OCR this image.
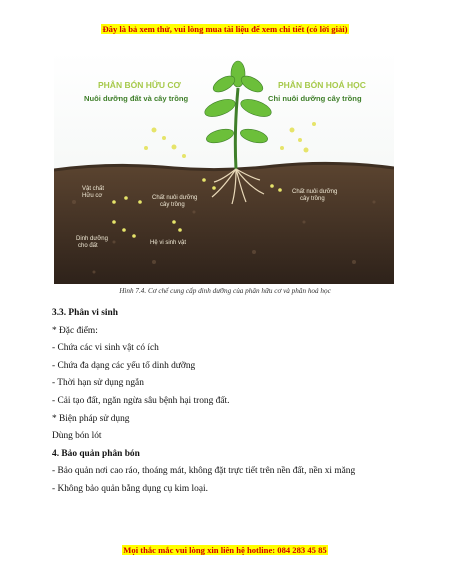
Đây là bả xem thử, vui lòng mua tài liệu để xem chi tiết (có lời giải)
PHÂN BÓN HỮU CƠ
Nuôi dưỡng đất và cây trồng
PHÂN BÓN HOÁ HỌC
Chỉ nuôi dưỡng cây trồng
Vật chất
Hữu cơ	Chất nuôi dưỡng
cây trồng
Chất nuôi dưỡng
cây trồng
Dinh dưỡng
cho đất	Hệ vi sinh vật
Hình 7.4. Cơ chế cung cấp dinh dưỡng của phân hữu cơ và phân hoá học

3.3. Phân vi sinh

* Đặc điểm:

- Chứa các vi sinh vật có ích

- Chứa đa dạng các yếu tố dinh dưỡng

- Thời hạn sử dụng ngắn

- Cải tạo đất, ngăn ngừa sâu bệnh hại trong đất.

* Biện pháp sử dụng

Dùng bón lót

4. Bảo quản phân bón

- Bảo quản nơi cao ráo, thoáng mát, không đặt trực tiết trên nền đất, nền xi măng

- Không bảo quản bằng dụng cụ kim loại.

Mọi thắc mắc vui lòng xin liên hệ hotline: 084 283 45 85
